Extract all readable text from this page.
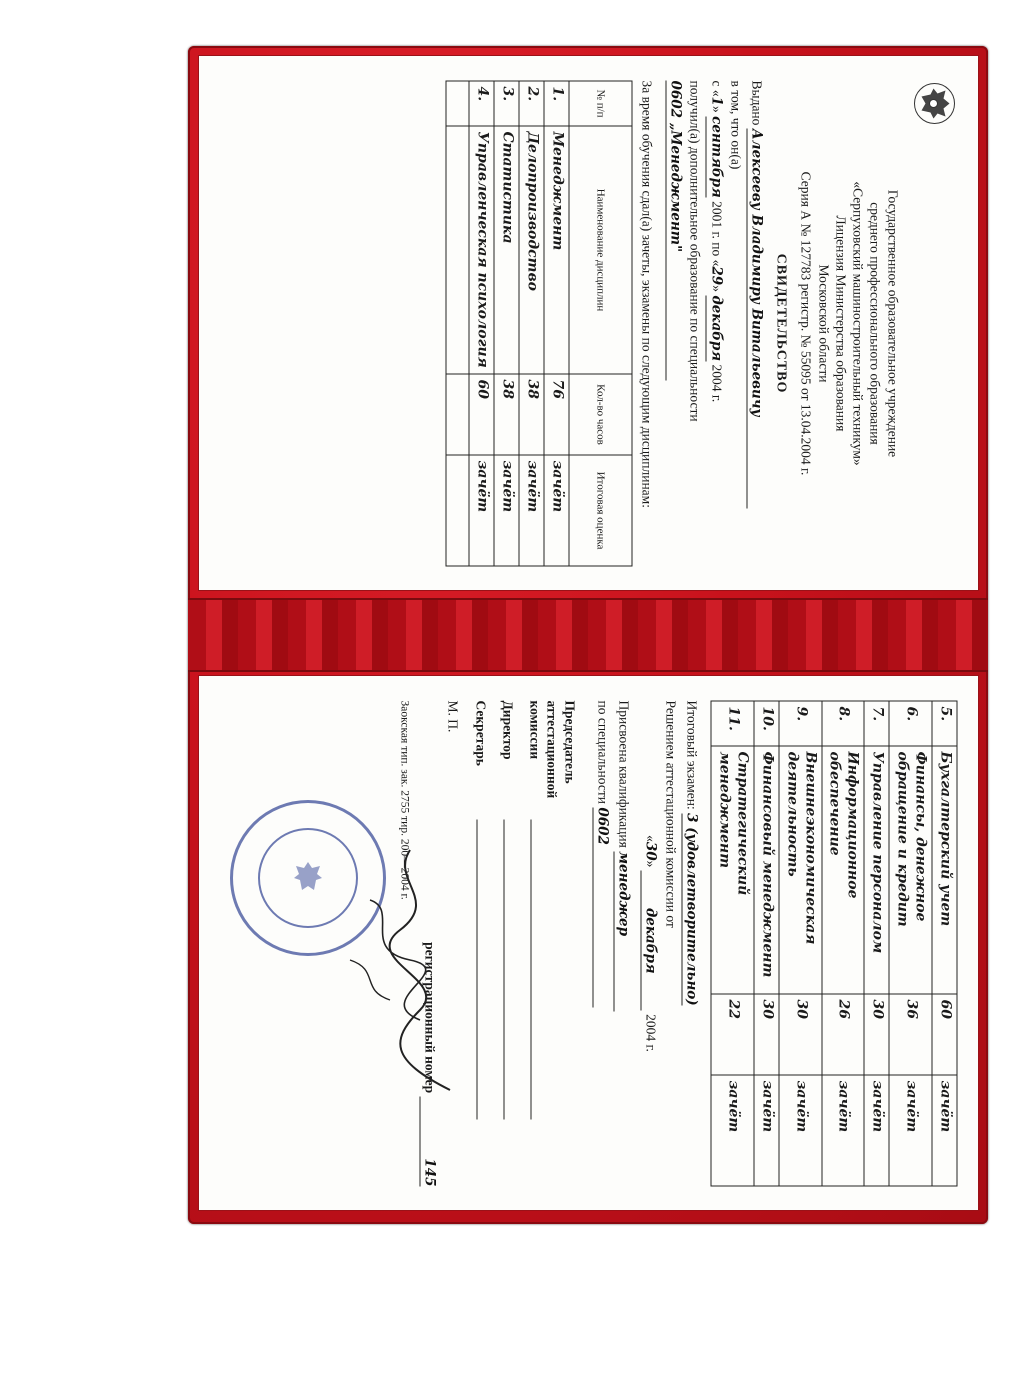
Государственное образовательное учреждение
среднего профессионального образования
«Серпуховский машиностроительный техникум»
Лицензия Министерства образования
Московской области
Серия А № 127783 регистр. № 55095 от 13.04.2004 г.
СВИДЕТЕЛЬСТВО
Выдано Алексееву Владимиру Витальевичу
в том, что он(а)
с «1» сентября 2001 г. по «29» декабря 2004 г.
получил(а) дополнительное образование по специальности
0602 „Менеджмент"
За время обучения сдал(а) зачеты, экзамены по следующим дисциплинам:
№ п/п	Наименование дисциплин	Кол-во часов	Итоговая оценка
1.	Менеджмент	76	зачёт
2.	Делопроизводство	38	зачёт
3.	Статистика	38	зачёт
4.	Управленческая психология	60	зачёт

5.	Бухгалтерский учет	60	зачёт
6.	Финансы, денежное обращение и кредит	36	зачёт
7.	Управление персоналом	30	зачёт
8.	Информационное обеспечение	26	зачёт
9.	Внешнеэкономическая деятельность	30	зачёт
10.	Финансовый менеджмент	30	зачёт
11.	Стратегический менеджмент	22	зачёт
Итоговый экзамен: 3 (удовлетворительно)
Решением аттестационной комиссии от
«30» декабря 2004 г.
Присвоена квалификация менеджер
по специальности 0602
Председатель аттестационной комиссии
Директор
Секретарь
М. П.
регистрационный номер 145
Заокская тип. зак. 2755 тир. 200—2004 г.
